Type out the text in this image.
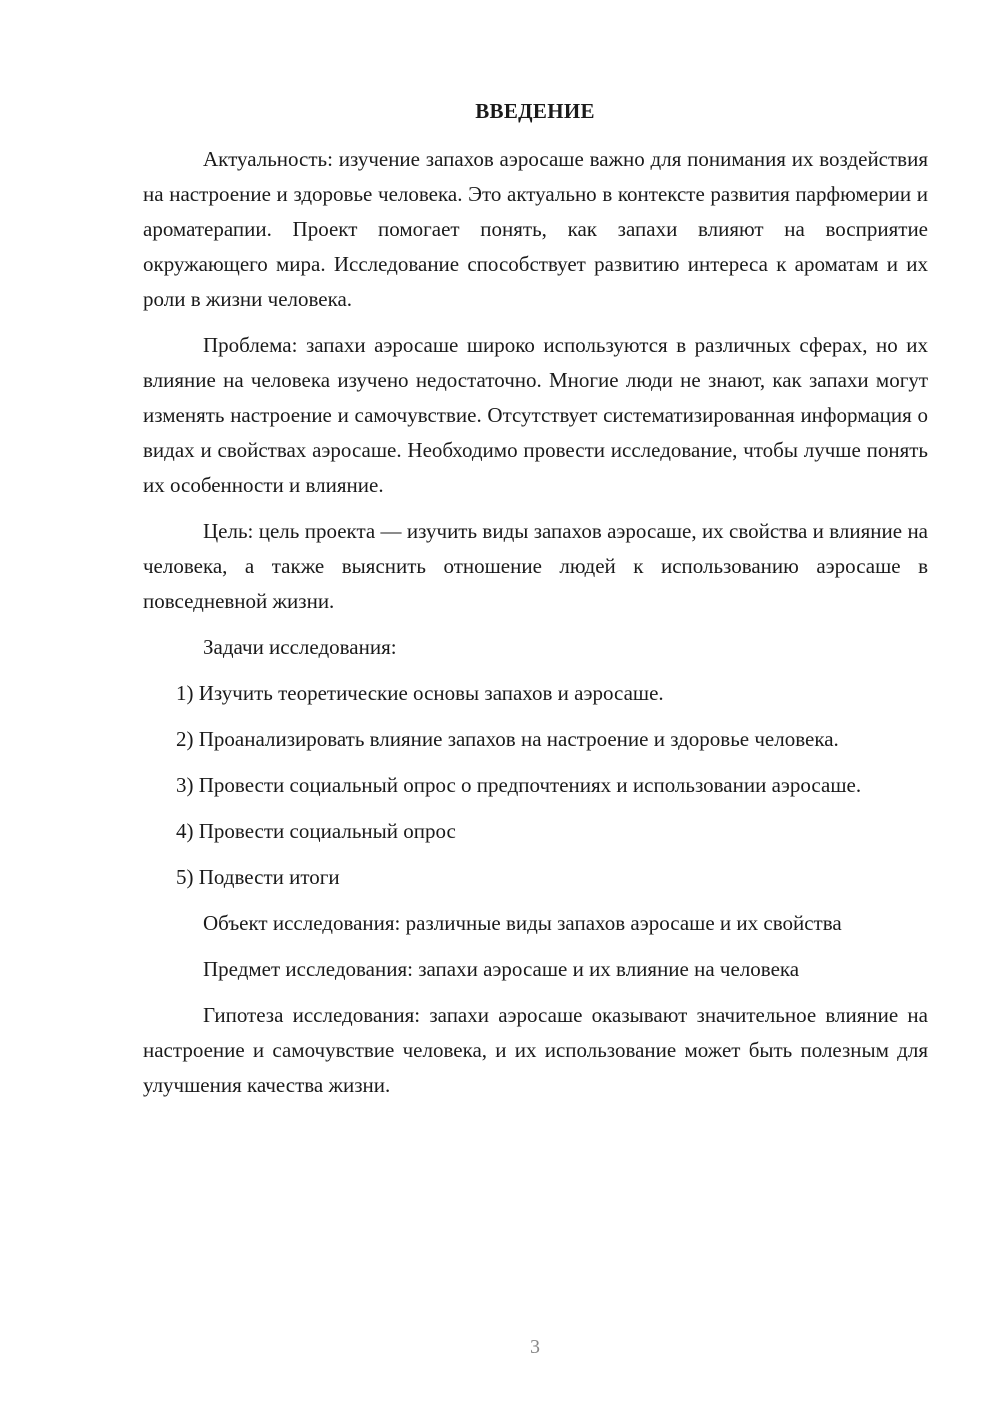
ВВЕДЕНИЕ

Актуальность: изучение запахов аэросаше важно для понимания их воздействия на настроение и здоровье человека. Это актуально в контексте развития парфюмерии и ароматерапии. Проект помогает понять, как запахи влияют на восприятие окружающего мира. Исследование способствует развитию интереса к ароматам и их роли в жизни человека.

Проблема: запахи аэросаше широко используются в различных сферах, но их влияние на человека изучено недостаточно. Многие люди не знают, как запахи могут изменять настроение и самочувствие. Отсутствует систематизированная информация о видах и свойствах аэросаше. Необходимо провести исследование, чтобы лучше понять их особенности и влияние.

Цель: цель проекта — изучить виды запахов аэросаше, их свойства и влияние на человека, а также выяснить отношение людей к использованию аэросаше в повседневной жизни.

Задачи исследования:

1) Изучить теоретические основы запахов и аэросаше.

2) Проанализировать влияние запахов на настроение и здоровье человека.

3) Провести социальный опрос о предпочтениях и использовании аэросаше.

4) Провести социальный опрос

5) Подвести итоги

Объект исследования: различные виды запахов аэросаше и их свойства

Предмет исследования: запахи аэросаше и их влияние на человека

Гипотеза исследования: запахи аэросаше оказывают значительное влияние на настроение и самочувствие человека, и их использование может быть полезным для улучшения качества жизни.

3
